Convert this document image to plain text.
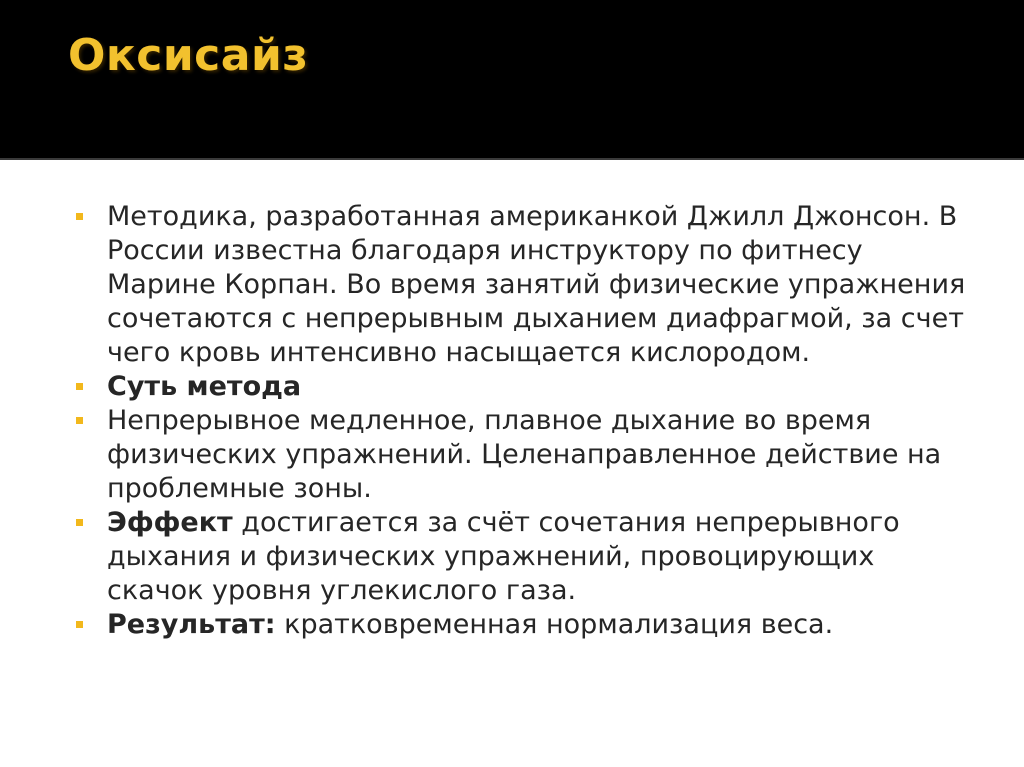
Оксисайз
Методика, разработанная американкой Джилл Джонсон. В России известна благодаря инструктору по фитнесу Марине Корпан. Во время занятий физические упражнения сочетаются с непрерывным дыханием диафрагмой, за счет чего кровь интенсивно насыщается кислородом.
Суть метода
Непрерывное медленное, плавное дыхание во время физических упражнений. Целенаправленное действие на проблемные зоны.
Эффект достигается за счёт сочетания непрерывного дыхания и физических упражнений, провоцирующих скачок уровня углекислого газа.
Результат: кратковременная нормализация веса.
